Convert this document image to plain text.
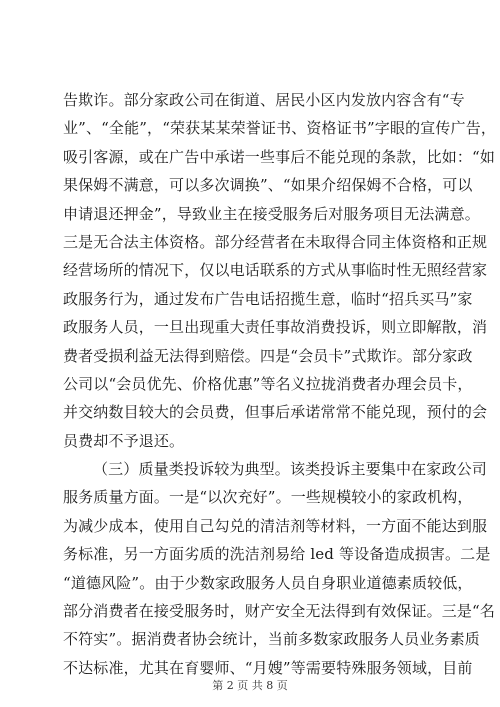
告欺诈。部分家政公司在街道、居民小区内发放内容含有“专
业”、“全能”，“荣获某某荣誉证书、资格证书”字眼的宣传广告，
吸引客源，或在广告中承诺一些事后不能兑现的条款，比如：“如
果保姆不满意，可以多次调换”、“如果介绍保姆不合格，可以
申请退还押金”，导致业主在接受服务后对服务项目无法满意。
三是无合法主体资格。部分经营者在未取得合同主体资格和正规
经营场所的情况下，仅以电话联系的方式从事临时性无照经营家
政服务行为，通过发布广告电话招揽生意，临时“招兵买马”家
政服务人员，一旦出现重大责任事故消费投诉，则立即解散，消
费者受损利益无法得到赔偿。四是“会员卡”式欺诈。部分家政
公司以“会员优先、价格优惠”等名义拉拢消费者办理会员卡，
并交纳数目较大的会员费，但事后承诺常常不能兑现，预付的会
员费却不予退还。
（三）质量类投诉较为典型。该类投诉主要集中在家政公司
服务质量方面。一是“以次充好”。一些规模较小的家政机构，
为减少成本，使用自己勾兑的清洁剂等材料，一方面不能达到服
务标准，另一方面劣质的洗洁剂易给 led 等设备造成损害。二是
“道德风险”。由于少数家政服务人员自身职业道德素质较低，
部分消费者在接受服务时，财产安全无法得到有效保证。三是“名
不符实”。据消费者协会统计，当前多数家政服务人员业务素质
不达标准，尤其在育婴师、“月嫂”等需要特殊服务领域，目前
第 2 页 共 8 页
